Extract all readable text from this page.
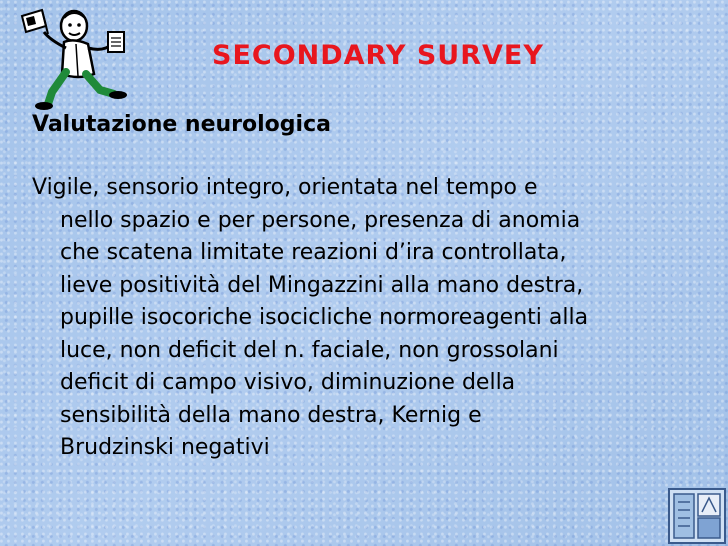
SECONDARY SURVEY
Valutazione neurologica
Vigile, sensorio integro, orientata nel tempo e
nello spazio e per persone, presenza di anomia
che scatena limitate reazioni d’ira controllata,
lieve positività del Mingazzini alla mano destra,
pupille isocoriche isocicliche normoreagenti alla
luce, non deficit del n. faciale, non grossolani
deficit di campo visivo, diminuzione della
sensibilità della mano destra, Kernig e
Brudzinski negativi
